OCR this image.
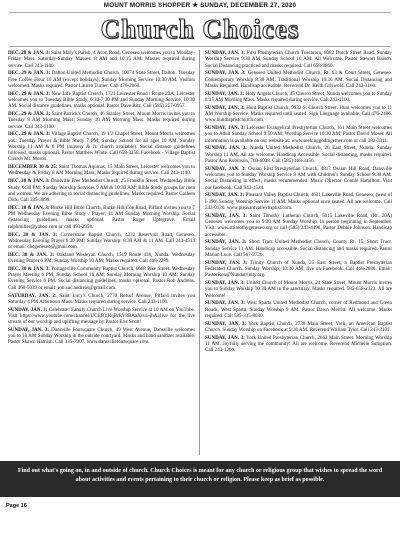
MOUNT MORRIS SHOPPER ★ SUNDAY, DECEMBER 27, 2020
Church Choices

DEC. 28 & JAN. 3: Saint Mary's Parish, 4 Avon Road, Geneseo welcomes you to Monday-Friday Mass. Saturday-Sunday Masses: 8 AM and 10:15 AM. Masses required during service. Call 243-1100.

DEC. 29 & JAN. 3: Dalton United Methodist Church, 10074 State Street, Dalton. Tuesday Free Coffee Hour 10 AM (except holidays); Sunday Morning Service 10:30 AM. Visitors welcomed. Masks required. Pastor Lauren Turner. Call 476-2060.

DEC. 29 & JAN. 3: New Life Baptist Church, 1721 Leicester Road / Route 20A, Leicester welcomes you to Tuesday Bible Study, 6:30-7:30 PM and Sunday Morning Service, 10:30 AM. Social distance guidelines, masks optional. Pastor Dave Ritz. Call (585) 257-0957.

DEC. 29 & JAN. 3: Saint Patrick's Church, 46 Stanley Street, Mount Morris invites you to Tuesday 8 AM Morning Mass; Sunday 10 AM Morning Mass. Masks required during service. Call 243-1100.

DEC. 29 & JAN. 3: Village Baptist Church, 39 1/2 Chapel Street, Mount Morris welcomes you: Tuesday Prayer & Bible Study 7 PM; Sunday School for all ages 10 AM, Sunday Worship 11 AM & 6 PM (nursery & Jr. church available). Social distance guidelines followed, masks optional. Pastor Matthew White. Call 658-3258. Facebook - Village Baptist Church Mt. Morris.

DECEMBER 30 & 25: Saint Thomas Aquinas, 15 Main Street, Leicester welcomes you to Wednesday & Friday 8 AM Morning Mass; Masks required during service. Call 243-1100.

DEC. 30 & JAN. 3: Dansville Free Methodist Church, 25 Franklin Street. Wednesday Bible Study, 6:30 PM; Sunday Worship Services 9 AM & 10:30 AM; Bible Study groups for men and women. We are adhering to social distancing guidelines. Masks required. Pastor Colleen Dick. Call 335-3898.

DEC. 30 & JAN. 3: Burke Hill Bible Church, Burke Hill/Coe Road, Piffard invites you to 7 PM Wednesday Evening Bible Study / Prayer; 11 AM Sunday Morning Worship. Social distancing guidelines, masks optional. Pastor Roger Uptegrove. Email ralphmiller@yahoo.com or call 493-2958.

DEC. 30 & JAN. 3: Cornerstone Baptist Church, 4232 Reservoir Road, Geneseo. Wednesday Evening Prayer 6:30 PM; Sunday Worship: 8:30 AM & 11 AM. Call 243-4514 or email: cbcgeneseo@gmail.com.

DEC. 30 & JAN. 3: Oakland Wesleyan Church, 1519 Route 436, Nunda. Wednesday Evening Prayer 6 PM; Sunday Worship 10 AM; Masks required. Call 468-2289.

DEC. 30 & JAN. 3: Portageville Community Baptist Church, 6668 Pike Street. Wednesday Prayer Meeting 6 PM; Sunday School 10 AM; Sunday Morning Worship 10 AM; Sunday Evening Service 6 PM. Social distancing guidelines, masks optional. Pastor Rob Andreas. Call 468-5039 or email: rob.suc.andreas@gmail.com.

SATURDAY, JAN. 2: Saint Lucy's Church, 2770 Retsof Avenue, Piffard invites you Saturday 4 PM Afternoon Mass. Masks required during service. Call 243-1100.

SUNDAY, JAN. 3: Celebrate! Family Church Live Worship Service at 10 AM on YouTube. Visit https://www.youtube.com/channel/UCEBYRqBrEY8BAaXcu1-jbAi/live for the live stream of our worship and uplifting message by Pastor Eric Scott!

SUNDAY, JAN. 3: Dansville Foursquare Church, 49 West Avenue, Dansville welcomes you to 10 AM Sunday Worship in the outside courtyard. Masks and hand sanitizer available. Pastor Shawn Hamish. Call 335-7907. www.dansvillefoursquare.com.

SUNDAY, JAN. 3: First Presbyterian Church Tuscarora, 8082 Dutch Street Road. Sunday Worship Service 9:30 AM, Sunday School 10 AM. All Welcome. Pastor Stewart Baisch. Social Distancing practiced and masks required. Call 658-9860.

SUNDAY, JAN. 3: Geneseo United Methodist Church, Rt. 63 & Court Street, Geneseo. Contemporary Worship 8:30 AM; Traditional Worship 10:30 AM. Social Distancing and Masks Required. Handicap accessible. Reverend Dr. Keith Griswold. Call 243-3160.

SUNDAY, JAN. 3: Holy Angels Church, 45 Church Street, Nunda welcomes you to Sunday 8:15 AM Morning Mass. Masks required during service. Call 243-1100.

SUNDAY, JAN. 3: Hunt Baptist Church, 9932 S. Church Street. Hunt welcomes you to 11 AM Worship Service. Masks required until seated. Sign Language available. Call 476-2486. www.huntbaptistchurch.com.

SUNDAY, JAN. 3: Leicester Evangelical Presbyterian Church, 161 Main Street welcomes you to Adult Sunday School 9:50 AM; Worship Service 10:30 AM; Pastor David Moser. All information is available on our website at: www.seekinggodtogether.com or call 382-3311.

SUNDAY, JAN. 3: Nunda United Methodist Church, 26 East Street, Nunda. Sunday Worship 11 AM. All are welcome. Handicap Accessible. Social distancing, masks required. Pastor Ann Robinson, 769-6038. Call (585) 468-3456.

SUNDAY, JAN. 3: Ossian First Presbyterian Church, 4817 Ossian Hill Road, Dansville welcomes you to Sunday Worship Service 9 AM with Children's Sunday School 9:30 AM. Social Distancing in effect, masks recommended. Music Director Connie Hamilton. Visit our facebook. Call 943-1524.

SUNDAY, JAN. 3: Pleasant Valley Baptist Church, 4631 Lakeville Road, Geneseo, (west of I-390) Sunday Worship Service 11 AM. Masks optional once seated. All are welcome. Call 243-0130. www.pleasantvalleybaptist.com.

SUNDAY, JAN. 3: Saint Timothy Lutheran Church, 5015 Lakeville Road, (Rt. 20A) Geneseo welcomes you to 9:30 AM Sunday Worship. In person beginning in September. Visit: www.sttimothygeneseo.org or call (585) 243-4490, Pastor Debbie Johnson. Handicap accessible.

SUNDAY, JAN. 3: Short Tract United Methodist Church, County Rt. 15, Short Tract. Sunday Service 11 AM. Handicap accessible. Social distancing and masks required. Pastor Marian Luce. Call 567-2726.

SUNDAY, JAN. 3: Trinity Church of Nunda, 25 East Street, a Baptist Presbyterian Federated Church. Sunday Worship, 10:30 AM, live on Facebook. Call 468-2680. Email: PastorRon@Nundatrinity.org.

SUNDAY, JAN. 3: United Church of Mount Morris, 24 State Street, Mount Morris invites you to Sunday Worship 10:30 AM in the sanctuary. Masks required. 585-658-2122. All are Welcome!

SUNDAY, JAN. 3: West Sparta United Methodist Church, corner of Redmond and Green Roads, West Sparta. Sunday Worship 9 AM. Pastor Dawn Merritt. All welcome. Masks required. Call 585-335-8030.

SUNDAY, JAN. 3: York Baptist Church, 2738 Main Street, York, an American Baptist Church. Sunday Worship on Facebook at 9:30 AM. Reverend William Tyler. Call 243-3101.

SUNDAY, JAN. 3: York United Presbyterian Church, 2662 Main Street. Morning Worship 11 AM. Joyfully serving the community! All are welcome. Reverend Michelle Sumption. Call 243-1266.

Find out what's going on, in and outside of church. Church Choices is meant for any church or religious group that wishes to spread the word about activities and events pertaining to their church or religion. Please keep as brief as possible.

Page 16
